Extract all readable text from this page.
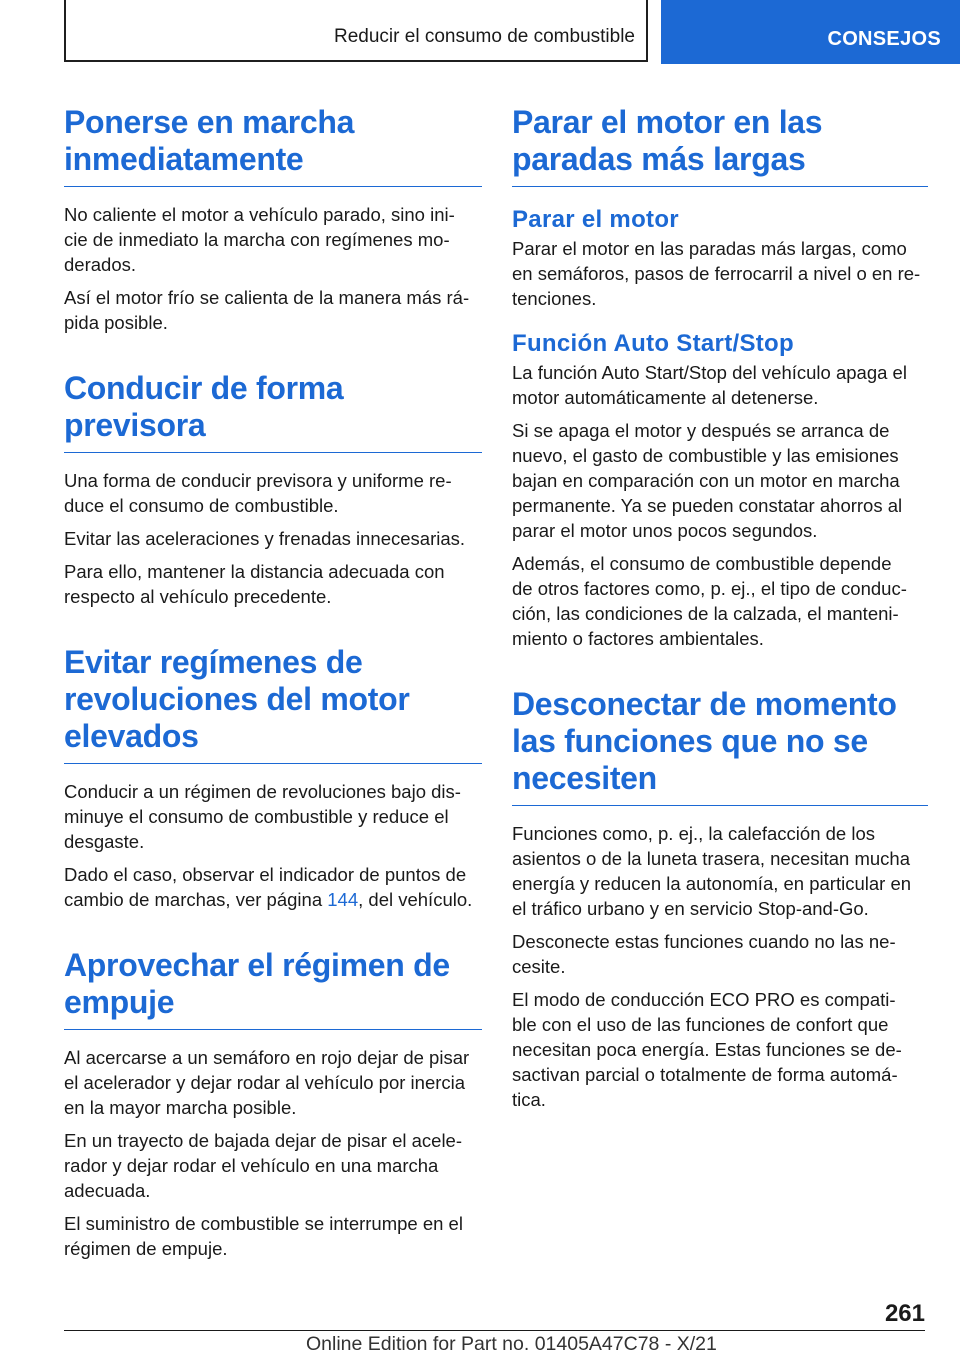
Reducir el consumo de combustible	CONSEJOS
Ponerse en marcha
inmediatamente

No caliente el motor a vehículo parado, sino ini‐
cie de inmediato la marcha con regímenes mo‐
derados.

Así el motor frío se calienta de la manera más rá‐
pida posible.

Conducir de forma
previsora

Una forma de conducir previsora y uniforme re‐
duce el consumo de combustible.

Evitar las aceleraciones y frenadas innecesarias.

Para ello, mantener la distancia adecuada con
respecto al vehículo precedente.

Evitar regímenes de
revoluciones del motor
elevados

Conducir a un régimen de revoluciones bajo dis‐
minuye el consumo de combustible y reduce el
desgaste.

Dado el caso, observar el indicador de puntos de
cambio de marchas, ver página 144, del vehículo.

Aprovechar el régimen de
empuje

Al acercarse a un semáforo en rojo dejar de pisar
el acelerador y dejar rodar al vehículo por inercia
en la mayor marcha posible.

En un trayecto de bajada dejar de pisar el acele‐
rador y dejar rodar el vehículo en una marcha
adecuada.

El suministro de combustible se interrumpe en el
régimen de empuje.

Parar el motor en las
paradas más largas
Parar el motor

Parar el motor en las paradas más largas, como
en semáforos, pasos de ferrocarril a nivel o en re‐
tenciones.

Función Auto Start/Stop

La función Auto Start/Stop del vehículo apaga el
motor automáticamente al detenerse.

Si se apaga el motor y después se arranca de
nuevo, el gasto de combustible y las emisiones
bajan en comparación con un motor en marcha
permanente. Ya se pueden constatar ahorros al
parar el motor unos pocos segundos.

Además, el consumo de combustible depende
de otros factores como, p. ej., el tipo de conduc‐
ción, las condiciones de la calzada, el manteni‐
miento o factores ambientales.

Desconectar de momento
las funciones que no se
necesiten

Funciones como, p. ej., la calefacción de los
asientos o de la luneta trasera, necesitan mucha
energía y reducen la autonomía, en particular en
el tráfico urbano y en servicio Stop-and-Go.

Desconecte estas funciones cuando no las ne‐
cesite.

El modo de conducción ECO PRO es compati‐
ble con el uso de las funciones de confort que
necesitan poca energía. Estas funciones se de‐
sactivan parcial o totalmente de forma automá‐
tica.

261
Online Edition for Part no. 01405A47C78 - X/21
